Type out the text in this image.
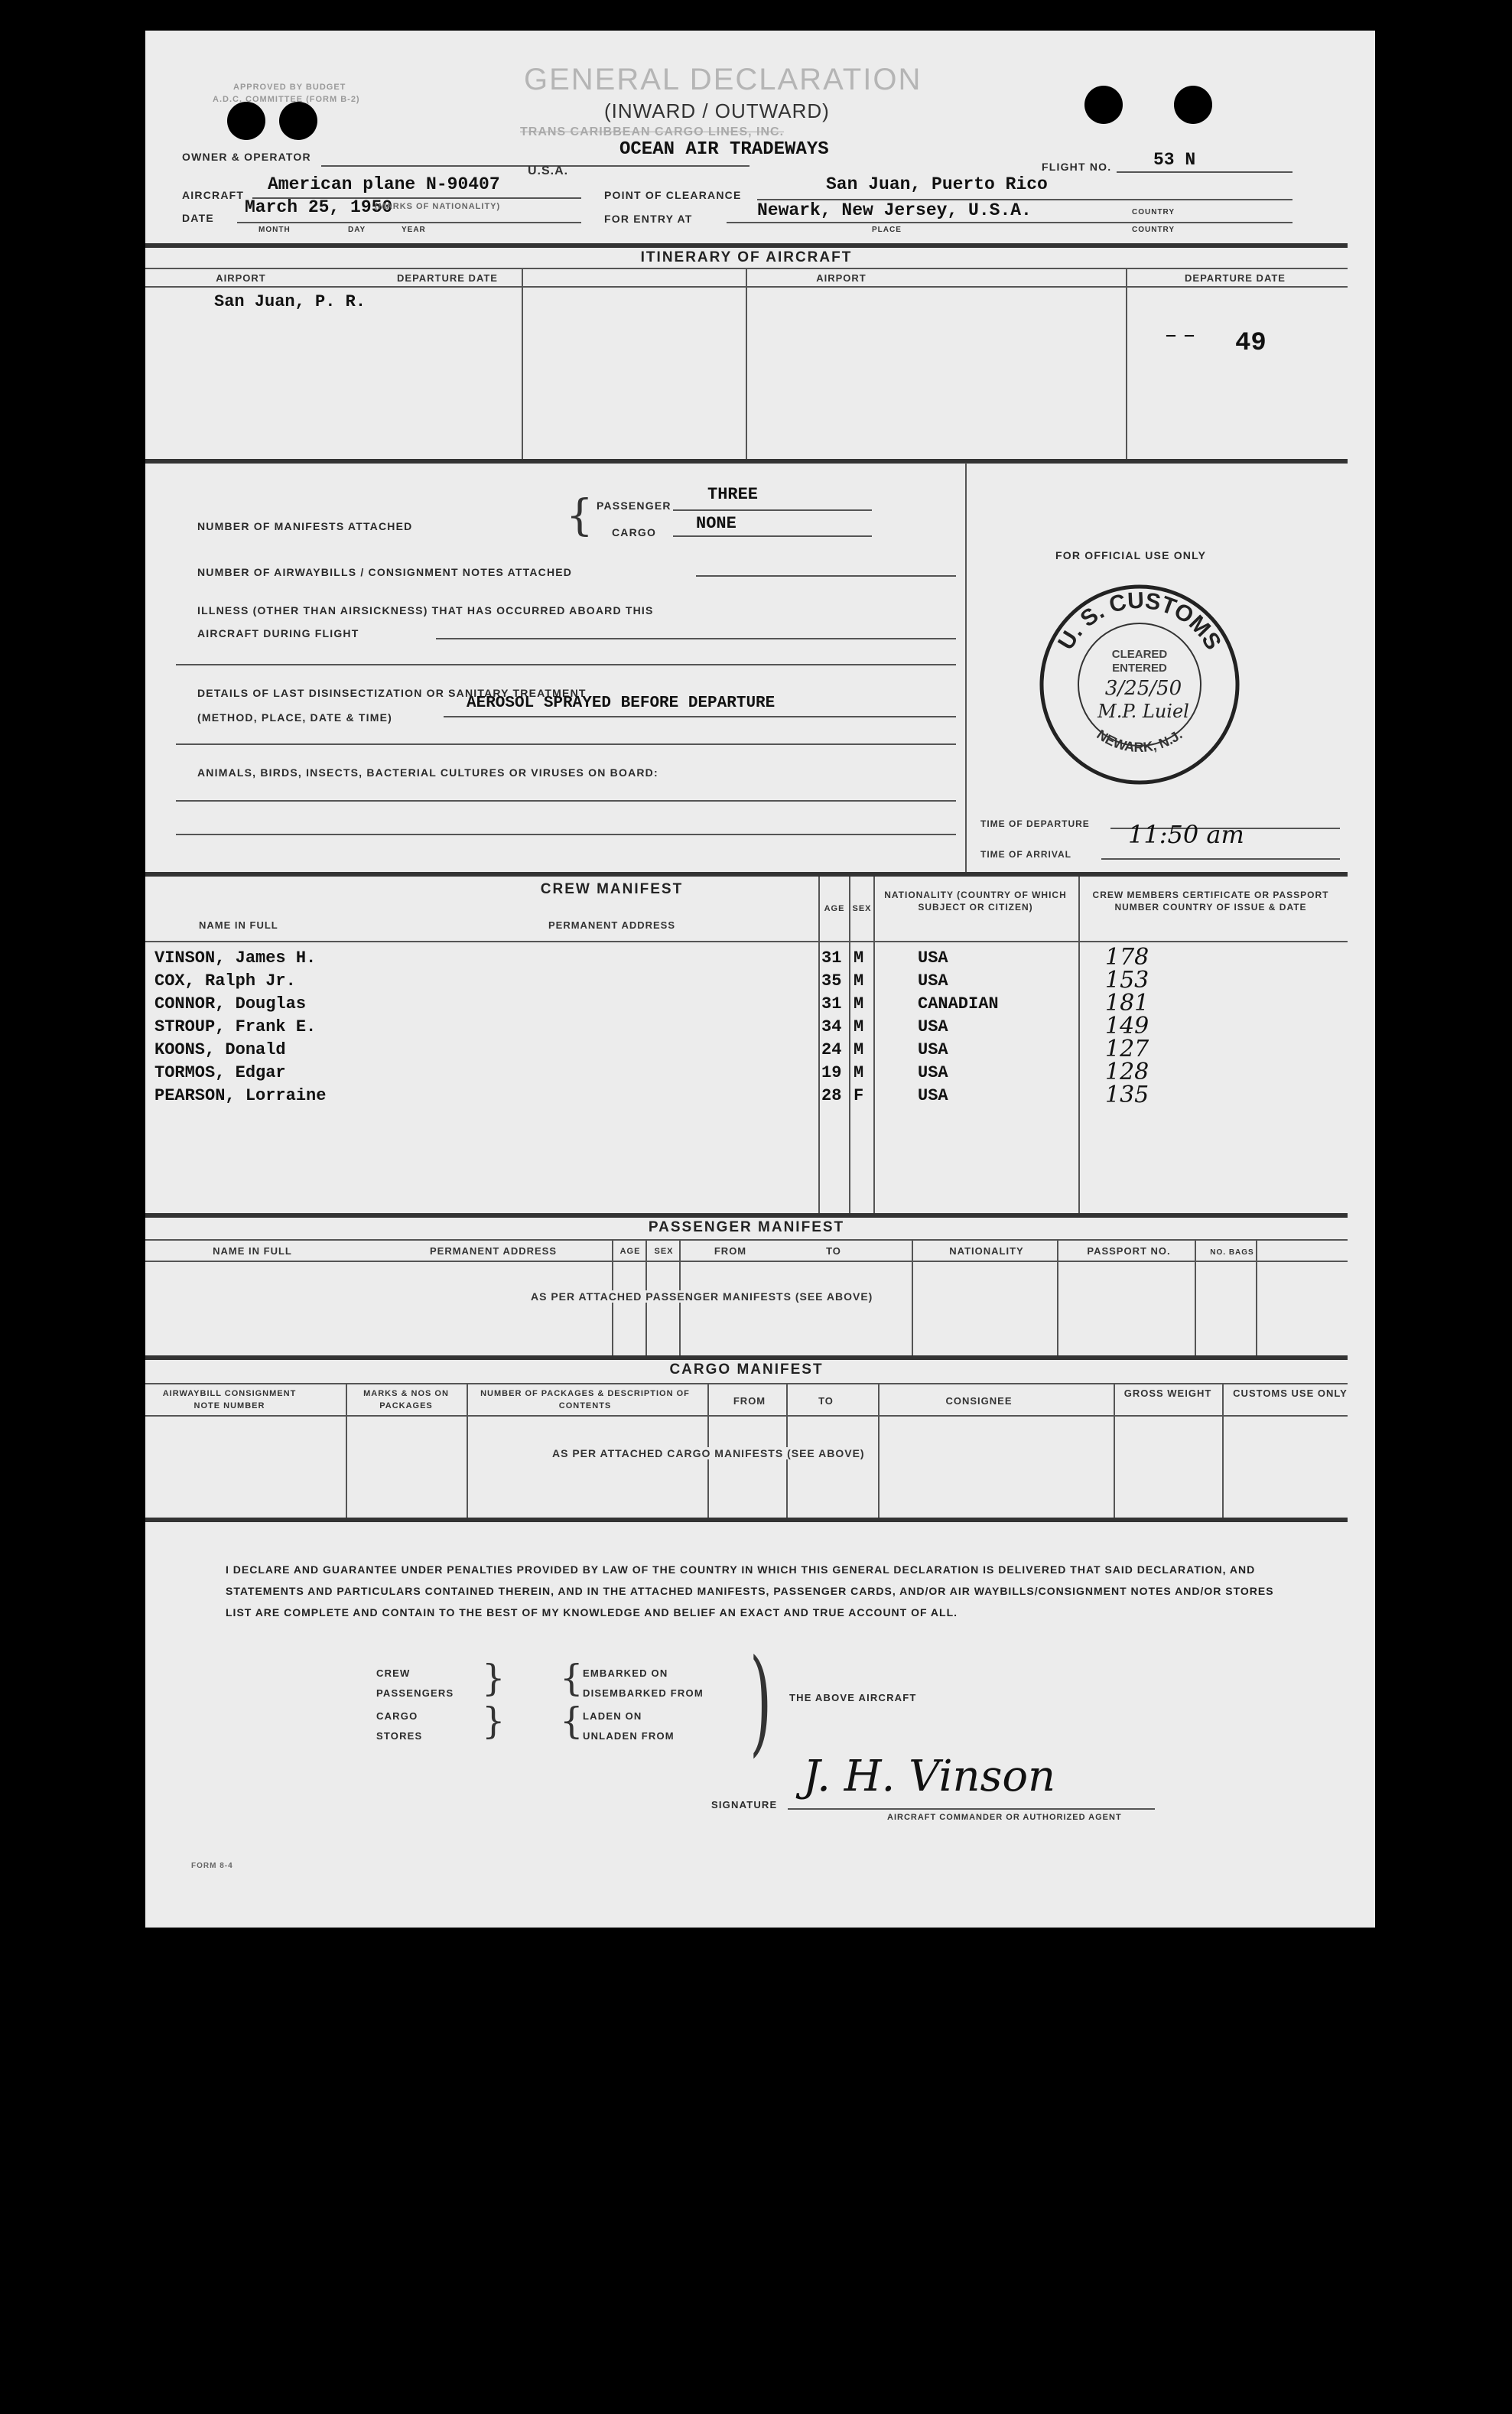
APPROVED BY BUDGET
A.D.C. COMMITTEE (FORM B-2)
GENERAL DECLARATION
(INWARD / OUTWARD)
OWNER & OPERATOR
TRANS CARIBBEAN CARGO LINES, INC.
OCEAN AIR TRADEWAYS
AIRCRAFT
American plane N-90407
U.S.A.
DATE
March 25, 1950
(MARKS OF NATIONALITY)
MONTH	DAY	YEAR
FLIGHT NO. 53 N
POINT OF CLEARANCE
San Juan, Puerto Rico
FOR ENTRY AT	Newark, New Jersey, U.S.A.
PLACE
COUNTRY
COUNTRY
ITINERARY OF AIRCRAFT
AIRPORT	DEPARTURE DATE	AIRPORT	DEPARTURE DATE
San Juan, P. R.
— — 49
NUMBER OF MANIFESTS ATTACHED	{ PASSENGER
THREE
CARGO NONE
NUMBER OF AIRWAYBILLS / CONSIGNMENT NOTES ATTACHED
ILLNESS (OTHER THAN AIRSICKNESS) THAT HAS OCCURRED ABOARD THIS
AIRCRAFT DURING FLIGHT
DETAILS OF LAST DISINSECTIZATION OR SANITARY TREATMENT
(METHOD, PLACE, DATE & TIME)
AEROSOL SPRAYED BEFORE DEPARTURE
ANIMALS, BIRDS, INSECTS, BACTERIAL CULTURES OR VIRUSES ON BOARD:
FOR OFFICIAL USE ONLY
U. S. CUSTOMS
NEWARK, N.J.
CLEARED
ENTERED
3/25/50
M.P. Luiel
TIME OF DEPARTURE
TIME OF ARRIVAL
11:50 am
CREW MANIFEST
NAME IN FULL	PERMANENT ADDRESS
AGE SEX
NATIONALITY (COUNTRY OF WHICH SUBJECT OR CITIZEN)
CREW MEMBERS CERTIFICATE OR PASSPORT NUMBER COUNTRY OF ISSUE & DATE
VINSON, James H.	31 M	USA	178
COX, Ralph Jr.	35 M	USA	153
CONNOR, Douglas	31 M	CANADIAN	181
STROUP, Frank E.	34 M	USA	149
KOONS, Donald	24 M	USA	127
TORMOS, Edgar	19 M	USA	128
PEARSON, Lorraine	28 F	USA	135
PASSENGER MANIFEST
NAME IN FULL	PERMANENT ADDRESS	AGE	SEX	FROM	TO	NATIONALITY	PASSPORT NO.	NO. BAGS
AS PER ATTACHED PASSENGER MANIFESTS (SEE ABOVE)
CARGO MANIFEST
AIRWAYBILL CONSIGNMENT NOTE NUMBER
MARKS & NOS ON PACKAGES
NUMBER OF PACKAGES & DESCRIPTION OF CONTENTS	FROM	TO	CONSIGNEE
GROSS WEIGHT	CUSTOMS USE ONLY
AS PER ATTACHED CARGO MANIFESTS (SEE ABOVE)
I DECLARE AND GUARANTEE UNDER PENALTIES PROVIDED BY LAW OF THE COUNTRY IN WHICH THIS GENERAL DECLARATION IS DELIVERED THAT SAID DECLARATION, AND STATEMENTS AND PARTICULARS CONTAINED THEREIN, AND IN THE ATTACHED MANIFESTS, PASSENGER CARDS, AND/OR AIR WAYBILLS/CONSIGNMENT NOTES AND/OR STORES LIST ARE COMPLETE AND CONTAIN TO THE BEST OF MY KNOWLEDGE AND BELIEF AN EXACT AND TRUE ACCOUNT OF ALL.
CREW
PASSENGERS
CARGO
STORES
}
}
{
{
EMBARKED ON
DISEMBARKED FROM
LADEN ON
UNLADEN FROM ) THE ABOVE AIRCRAFT
SIGNATURE
J. H. Vinson
AIRCRAFT COMMANDER OR AUTHORIZED AGENT
FORM 8-4
